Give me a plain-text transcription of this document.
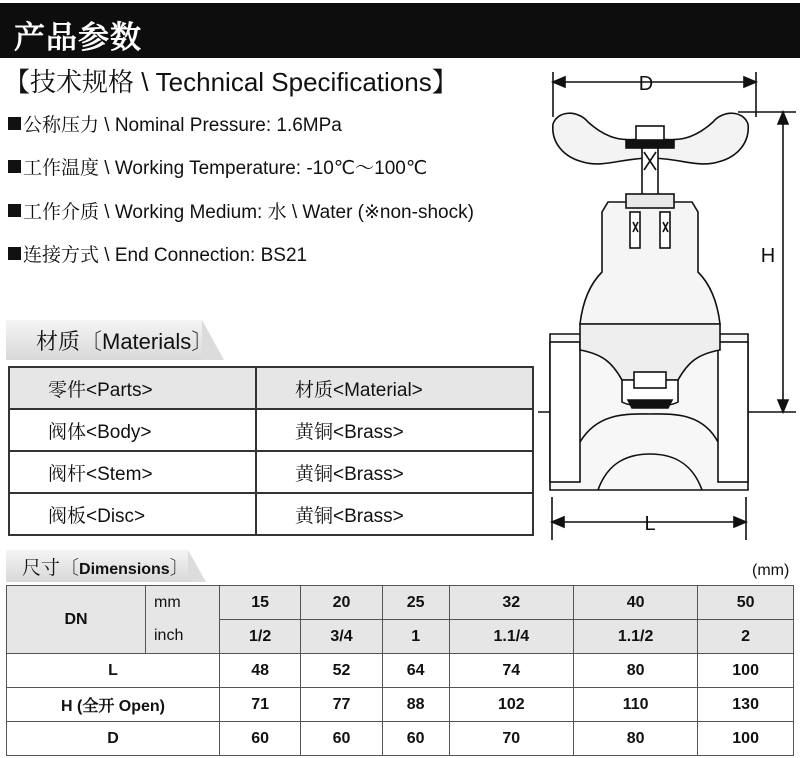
产品参数
【技术规格 \ Technical Specifications】
公称压力 \ Nominal Pressure: 1.6MPa
工作温度 \ Working Temperature: -10℃～100℃
工作介质 \ Working Medium: 水 \ Water (※non-shock)
连接方式 \ End Connection: BS21
材质〔Materials〕
零件<Parts>	材质<Material>
阀体<Body>	黄铜<Brass>
阀杆<Stem>	黄铜<Brass>
阀板<Disc>	黄铜<Brass>
尺寸〔Dimensions〕	(mm)
DN	mm	15	20	25	32	40	50
	inch	1/2	3/4	1	1.1/4	1.1/2	2
L		48	52	64	74	80	100
H (全开 Open)		71	77	88	102	110	130
D		60	60	60	70	80	100
D
H
L
